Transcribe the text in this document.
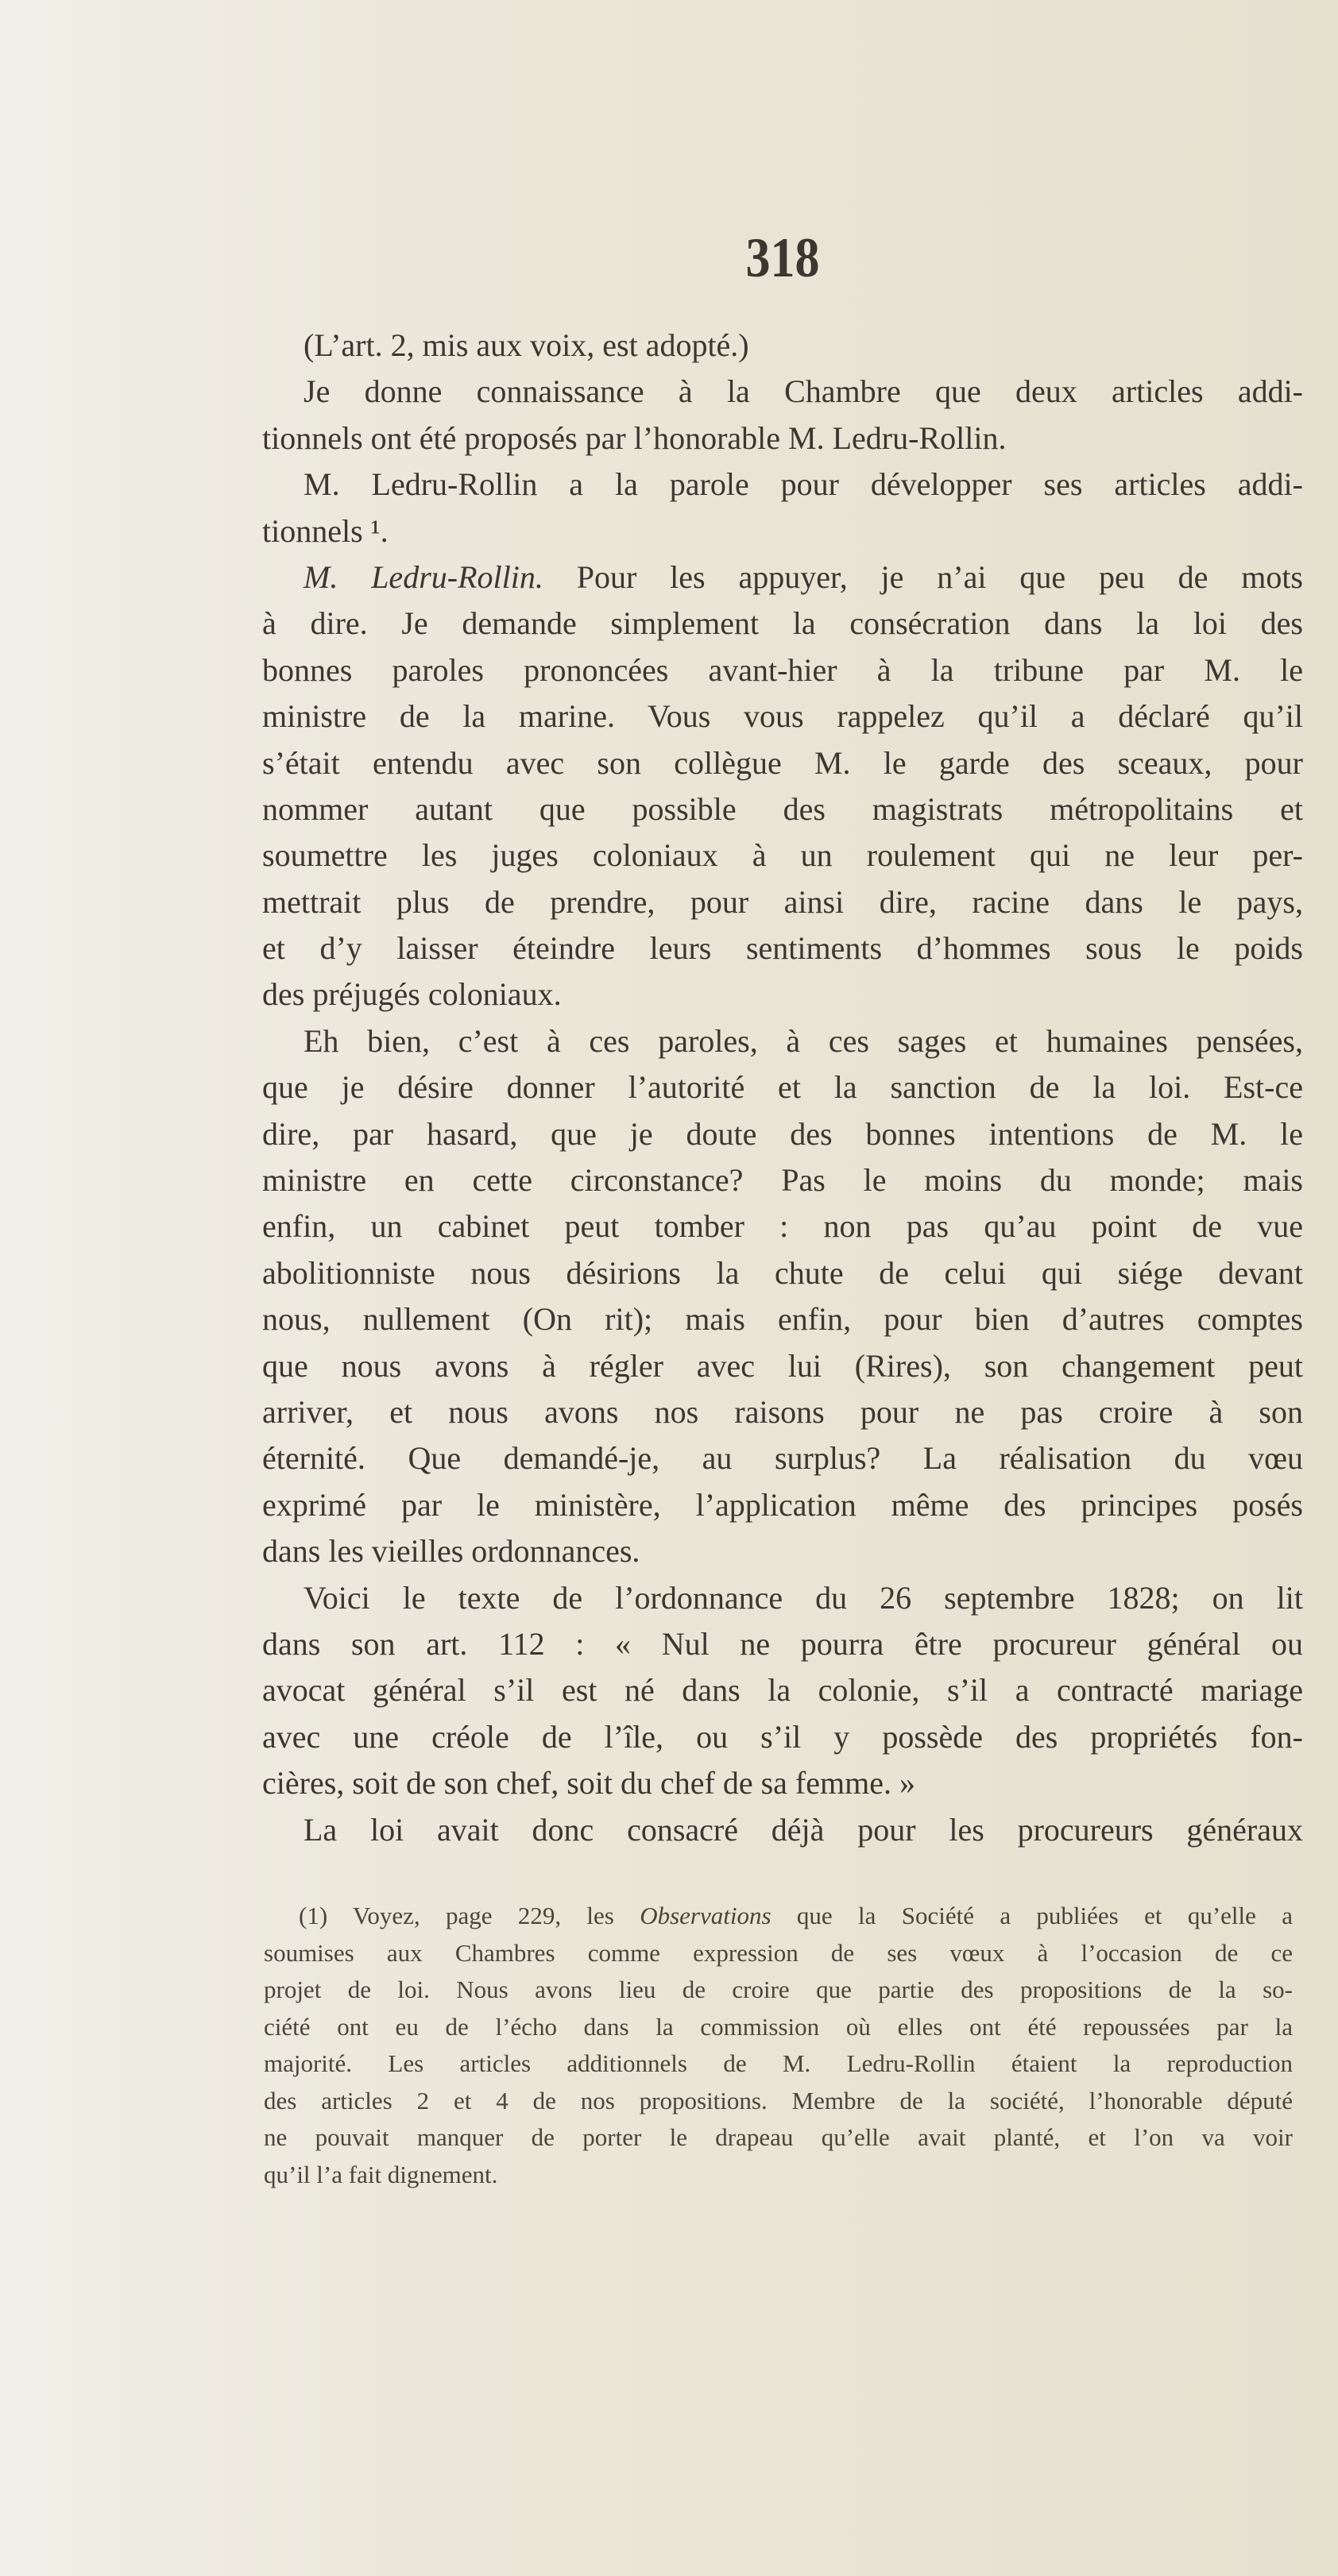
318
(L’art. 2, mis aux voix, est adopté.)
Je donne connaissance à la Chambre que deux articles addi-
tionnels ont été proposés par l’honorable M. Ledru-Rollin.
M. Ledru-Rollin a la parole pour développer ses articles addi-
tionnels ¹.
M. Ledru-Rollin. Pour les appuyer, je n’ai que peu de mots
à dire. Je demande simplement la consécration dans la loi des
bonnes paroles prononcées avant-hier à la tribune par M. le
ministre de la marine. Vous vous rappelez qu’il a déclaré qu’il
s’était entendu avec son collègue M. le garde des sceaux, pour
nommer autant que possible des magistrats métropolitains et
soumettre les juges coloniaux à un roulement qui ne leur per-
mettrait plus de prendre, pour ainsi dire, racine dans le pays,
et d’y laisser éteindre leurs sentiments d’hommes sous le poids
des préjugés coloniaux.
Eh bien, c’est à ces paroles, à ces sages et humaines pensées,
que je désire donner l’autorité et la sanction de la loi. Est-ce
dire, par hasard, que je doute des bonnes intentions de M. le
ministre en cette circonstance? Pas le moins du monde; mais
enfin, un cabinet peut tomber : non pas qu’au point de vue
abolitionniste nous désirions la chute de celui qui siége devant
nous, nullement (On rit); mais enfin, pour bien d’autres comptes
que nous avons à régler avec lui (Rires), son changement peut
arriver, et nous avons nos raisons pour ne pas croire à son
éternité. Que demandé-je, au surplus? La réalisation du vœu
exprimé par le ministère, l’application même des principes posés
dans les vieilles ordonnances.
Voici le texte de l’ordonnance du 26 septembre 1828; on lit
dans son art. 112 : « Nul ne pourra être procureur général ou
avocat général s’il est né dans la colonie, s’il a contracté mariage
avec une créole de l’île, ou s’il y possède des propriétés fon-
cières, soit de son chef, soit du chef de sa femme. »
La loi avait donc consacré déjà pour les procureurs généraux
(1) Voyez, page 229, les Observations que la Société a publiées et qu’elle a
soumises aux Chambres comme expression de ses vœux à l’occasion de ce
projet de loi. Nous avons lieu de croire que partie des propositions de la so-
ciété ont eu de l’écho dans la commission où elles ont été repoussées par la
majorité. Les articles additionnels de M. Ledru-Rollin étaient la reproduction
des articles 2 et 4 de nos propositions. Membre de la société, l’honorable député
ne pouvait manquer de porter le drapeau qu’elle avait planté, et l’on va voir
qu’il l’a fait dignement.
